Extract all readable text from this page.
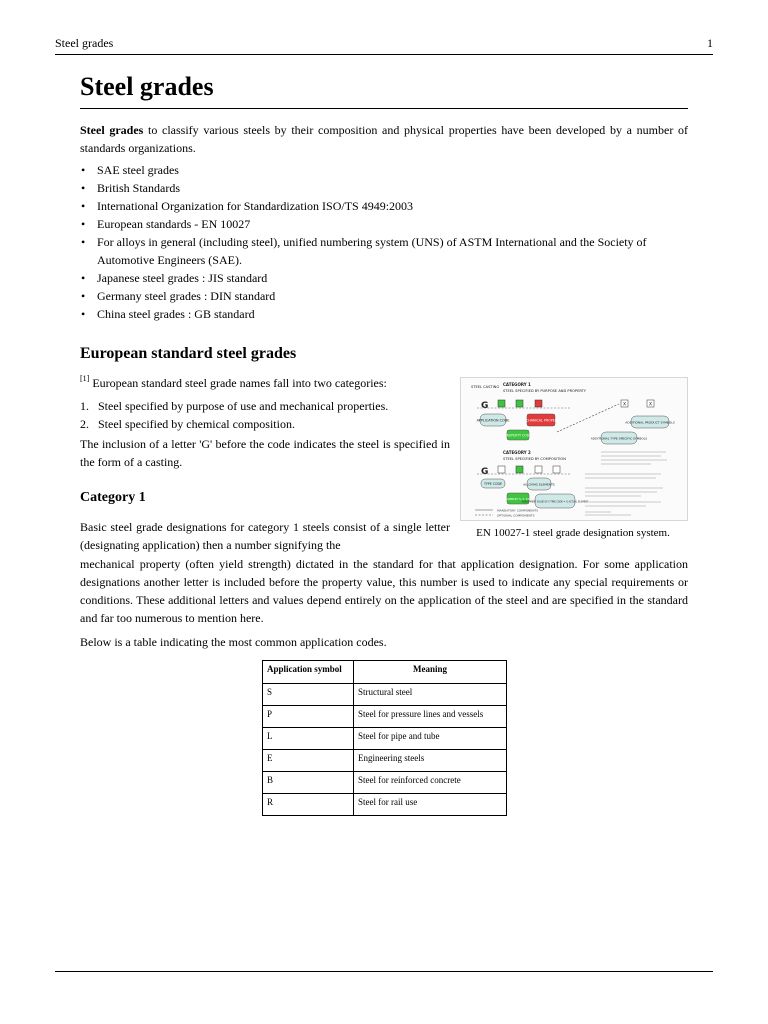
Steel grades	1
Steel grades

Steel grades to classify various steels by their composition and physical properties have been developed by a number of standards organizations.

• SAE steel grades
• British Standards
• International Organization for Standardization ISO/TS 4949:2003
• European standards - EN 10027
• For alloys in general (including steel), unified numbering system (UNS) of ASTM International and the Society of Automotive Engineers (SAE).
• Japanese steel grades : JIS standard
• Germany steel grades : DIN standard
• China steel grades : GB standard
European standard steel grades

[1] European standard steel grade names fall into two categories:

1. Steel specified by purpose of use and mechanical properties.
2. Steel specified by chemical composition.

The inclusion of a letter 'G' before the code indicates the steel is specified in the form of a casting.

STEEL CASTING CATEGORY 1
STEEL SPECIFIED BY PURPOSE AND PROPERTY
G
APPLICATION CODE	MECHANICAL PROPERTY
PROPERTY CODE
X	X
ADDITIONAL PRODUCT SYMBOLS
ADDITIONAL TYPE SPECIFIC SYMBOLS
CATEGORY 2
STEEL SPECIFIED BY COMPOSITION
G
TYPE CODE	ALLOYING ELEMENTS
CARBON % X 100
ADJUSTMENT VALUE OF X TIME CODE = % ACTUAL ELEMENT
MANDATORY COMPONENTS
OPTIONAL COMPONENTS
EN 10027-1 steel grade designation system.
Category 1

Basic steel grade designations for category 1 steels consist of a single letter (designating application) then a number signifying the

mechanical property (often yield strength) dictated in the standard for that application designation. For some application designations another letter is included before the property value, this number is used to indicate any special requirements or conditions. These additional letters and values depend entirely on the application of the steel and are specified in the standard and far too numerous to mention here.

Below is a table indicating the most common application codes.

Application symbol	Meaning
S	Structural steel
P	Steel for pressure lines and vessels
L	Steel for pipe and tube
E	Engineering steels
B	Steel for reinforced concrete
R	Steel for rail use
